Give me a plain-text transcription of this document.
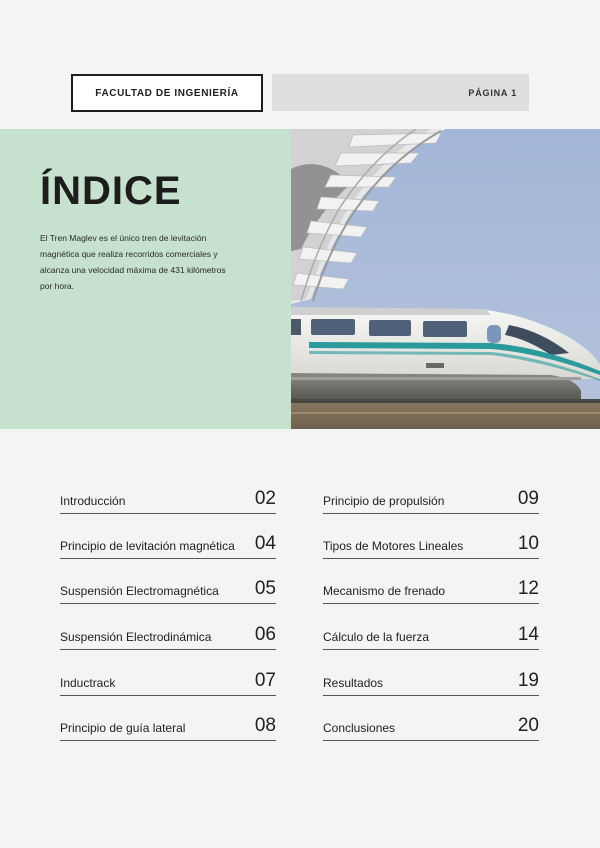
FACULTAD DE INGENIERÍA	PÁGINA 1
ÍNDICE

El Tren Maglev es el único tren de levitación magnética que realiza recorridos comerciales y alcanza una velocidad máxima de 431 kilómetros por hora.

Introducción	02
Principio de levitación magnética 04
Suspensión Electromagnética 05
Suspensión Electrodinámica 06
Inductrack	07
Principio de guía lateral	08
Principio de propulsión	09
Tipos de Motores Lineales	10
Mecanismo de frenado	12
Cálculo de la fuerza	14
Resultados	19
Conclusiones	20
